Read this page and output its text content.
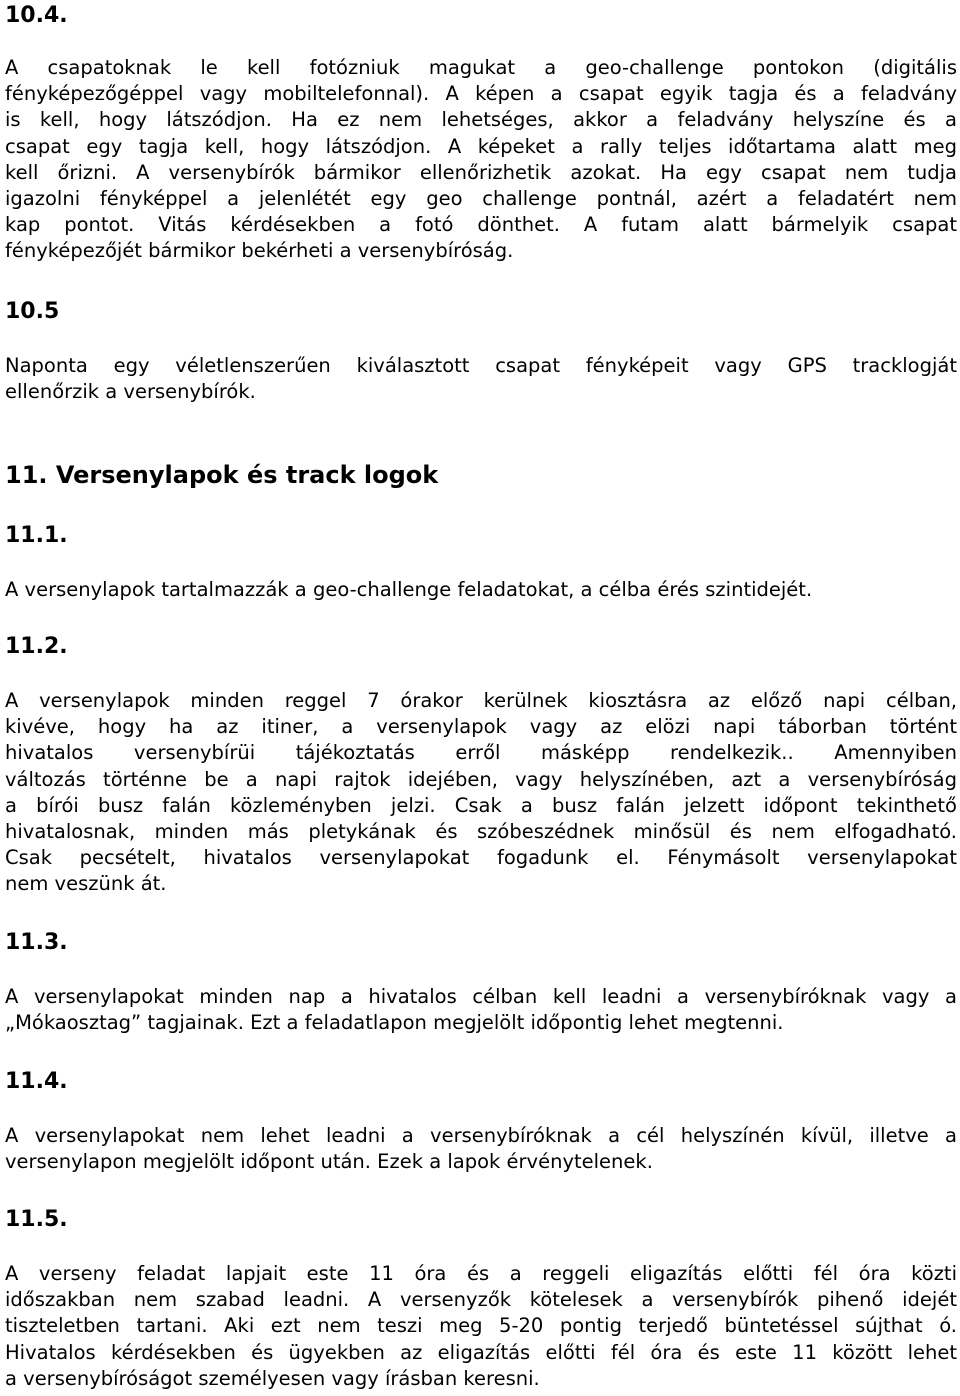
10.4.
A csapatoknak le kell fotózniuk magukat a geo-challenge pontokon (digitális
fényképezőgéppel vagy mobiltelefonnal). A képen a csapat egyik tagja és a feladvány
is kell, hogy látszódjon. Ha ez nem lehetséges, akkor a feladvány helyszíne és a
csapat egy tagja kell, hogy látszódjon. A képeket a rally teljes időtartama alatt meg
kell őrizni. A versenybírók bármikor ellenőrizhetik azokat. Ha egy csapat nem tudja
igazolni fényképpel a jelenlétét egy geo challenge pontnál, azért a feladatért nem
kap pontot. Vitás kérdésekben a fotó dönthet. A futam alatt bármelyik csapat
fényképezőjét bármikor bekérheti a versenybíróság.
10.5
Naponta egy véletlenszerűen kiválasztott csapat fényképeit vagy GPS tracklogját
ellenőrzik a versenybírók.
11. Versenylapok és track logok
11.1.
A versenylapok tartalmazzák a geo-challenge feladatokat, a célba érés szintidejét.
11.2.
A versenylapok minden reggel 7 órakor kerülnek kiosztásra az előző napi célban,
kivéve, hogy ha az itiner, a versenylapok vagy az elözi napi táborban történt
hivatalos versenybírüi tájékoztatás erről másképp rendelkezik.. Amennyiben
változás történne be a napi rajtok idejében, vagy helyszínében, azt a versenybíróság
a bírói busz falán közleményben jelzi. Csak a busz falán jelzett időpont tekinthető
hivatalosnak, minden más pletykának és szóbeszédnek minősül és nem elfogadható.
Csak pecsételt, hivatalos versenylapokat fogadunk el. Fénymásolt versenylapokat
nem veszünk át.
11.3.
A versenylapokat minden nap a hivatalos célban kell leadni a versenybíróknak vagy a
„Mókaosztag” tagjainak. Ezt a feladatlapon megjelölt időpontig lehet megtenni.
11.4.
A versenylapokat nem lehet leadni a versenybíróknak a cél helyszínén kívül, illetve a
versenylapon megjelölt időpont után. Ezek a lapok érvénytelenek.
11.5.
A verseny feladat lapjait este 11 óra és a reggeli eligazítás előtti fél óra közti
időszakban nem szabad leadni. A versenyzők kötelesek a versenybírók pihenő idejét
tiszteletben tartani. Aki ezt nem teszi meg 5-20 pontig terjedő büntetéssel sújthat ó.
Hivatalos kérdésekben és ügyekben az eligazítás előtti fél óra és este 11 között lehet
a versenybíróságot személyesen vagy írásban keresni.
